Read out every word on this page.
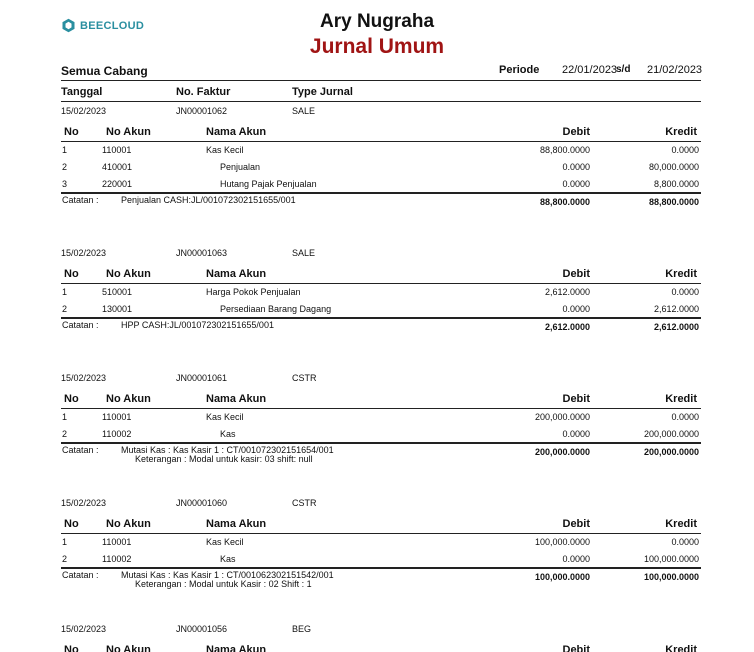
BEECLOUD	Ary Nugraha
Jurnal Umum
Semua Cabang	Periode 22/01/2023
s/d 21/02/2023
Tanggal	No. Faktur	Type Jurnal
15/02/2023	JN00001062	SALE
No No Akun	Nama Akun	Debit	Kredit
1	110001	Kas Kecil	88,800.0000	0.0000
2	410001	Penjualan	0.0000	80,000.0000
3	220001	Hutang Pajak Penjualan	0.0000	8,800.0000
Catatan : Penjualan CASH:JL/0010723021516​55/001	88,800.0000	88,800.0000
15/02/2023	JN00001063	SALE
No No Akun	Nama Akun	Debit	Kredit
1	510001	Harga Pokok Penjualan	2,612.0000	0.0000
2	130001	Persediaan Barang Dagang	0.0000	2,612.0000
Catatan : HPP CASH:JL/001072302151655/001	2,612.0000	2,612.0000
15/02/2023	JN00001061	CSTR
No No Akun	Nama Akun	Debit	Kredit
1	110001	Kas Kecil	200,000.0000	0.0000
2	110002	Kas	0.0000	200,000.0000
Catatan : Mutasi Kas : Kas Kasir 1 : CT/001072302151654/001
Keterangan : Modal untuk kasir: 03 shift: null
200,000.0000	200,000.0000
15/02/2023	JN00001060	CSTR
No No Akun	Nama Akun	Debit	Kredit
1	110001	Kas Kecil	100,000.0000	0.0000
2	110002	Kas	0.0000	100,000.0000
Catatan : Mutasi Kas : Kas Kasir 1 : CT/001062302151542/001
Keterangan : Modal untuk Kasir : 02 Shift : 1
100,000.0000	100,000.0000
15/02/2023	JN00001056	BEG
No No Akun	Nama Akun	Debit	Kredit
